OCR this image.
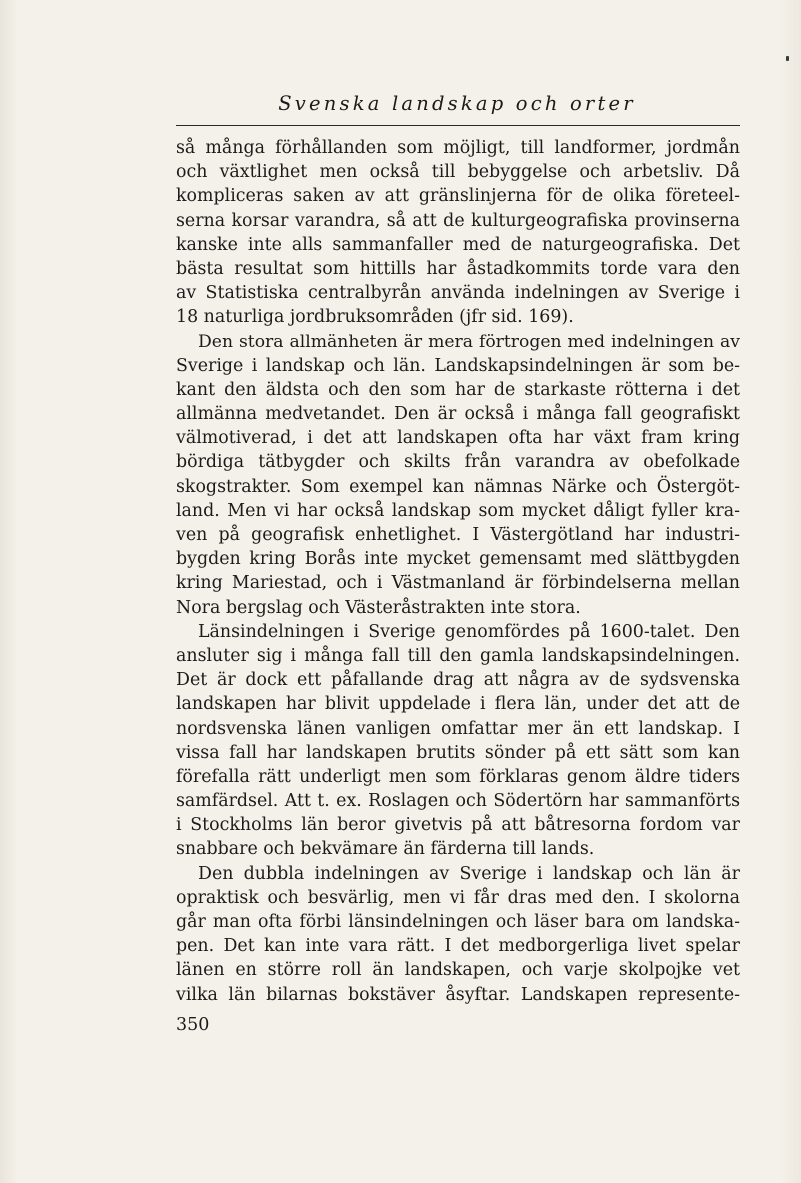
Svenska landskap och orter
så många förhållanden som möjligt, till landformer, jordmån
och växtlighet men också till bebyggelse och arbetsliv. Då
kompliceras saken av att gränslinjerna för de olika företeel-
serna korsar varandra, så att de kulturgeografiska provinserna
kanske inte alls sammanfaller med de naturgeografiska. Det
bästa resultat som hittills har åstadkommits torde vara den
av Statistiska centralbyrån använda indelningen av Sverige i
18 naturliga jordbruksområden (jfr sid. 169).
Den stora allmänheten är mera förtrogen med indelningen av
Sverige i landskap och län. Landskapsindelningen är som be-
kant den äldsta och den som har de starkaste rötterna i det
allmänna medvetandet. Den är också i många fall geografiskt
välmotiverad, i det att landskapen ofta har växt fram kring
bördiga tätbygder och skilts från varandra av obefolkade
skogstrakter. Som exempel kan nämnas Närke och Östergöt-
land. Men vi har också landskap som mycket dåligt fyller kra-
ven på geografisk enhetlighet. I Västergötland har industri-
bygden kring Borås inte mycket gemensamt med slättbygden
kring Mariestad, och i Västmanland är förbindelserna mellan
Nora bergslag och Västeråstrakten inte stora.
Länsindelningen i Sverige genomfördes på 1600-talet. Den
ansluter sig i många fall till den gamla landskapsindelningen.
Det är dock ett påfallande drag att några av de sydsvenska
landskapen har blivit uppdelade i flera län, under det att de
nordsvenska länen vanligen omfattar mer än ett landskap. I
vissa fall har landskapen brutits sönder på ett sätt som kan
förefalla rätt underligt men som förklaras genom äldre tiders
samfärdsel. Att t. ex. Roslagen och Södertörn har sammanförts
i Stockholms län beror givetvis på att båtresorna fordom var
snabbare och bekvämare än färderna till lands.
Den dubbla indelningen av Sverige i landskap och län är
opraktisk och besvärlig, men vi får dras med den. I skolorna
går man ofta förbi länsindelningen och läser bara om landska-
pen. Det kan inte vara rätt. I det medborgerliga livet spelar
länen en större roll än landskapen, och varje skolpojke vet
vilka län bilarnas bokstäver åsyftar. Landskapen represente-
350
